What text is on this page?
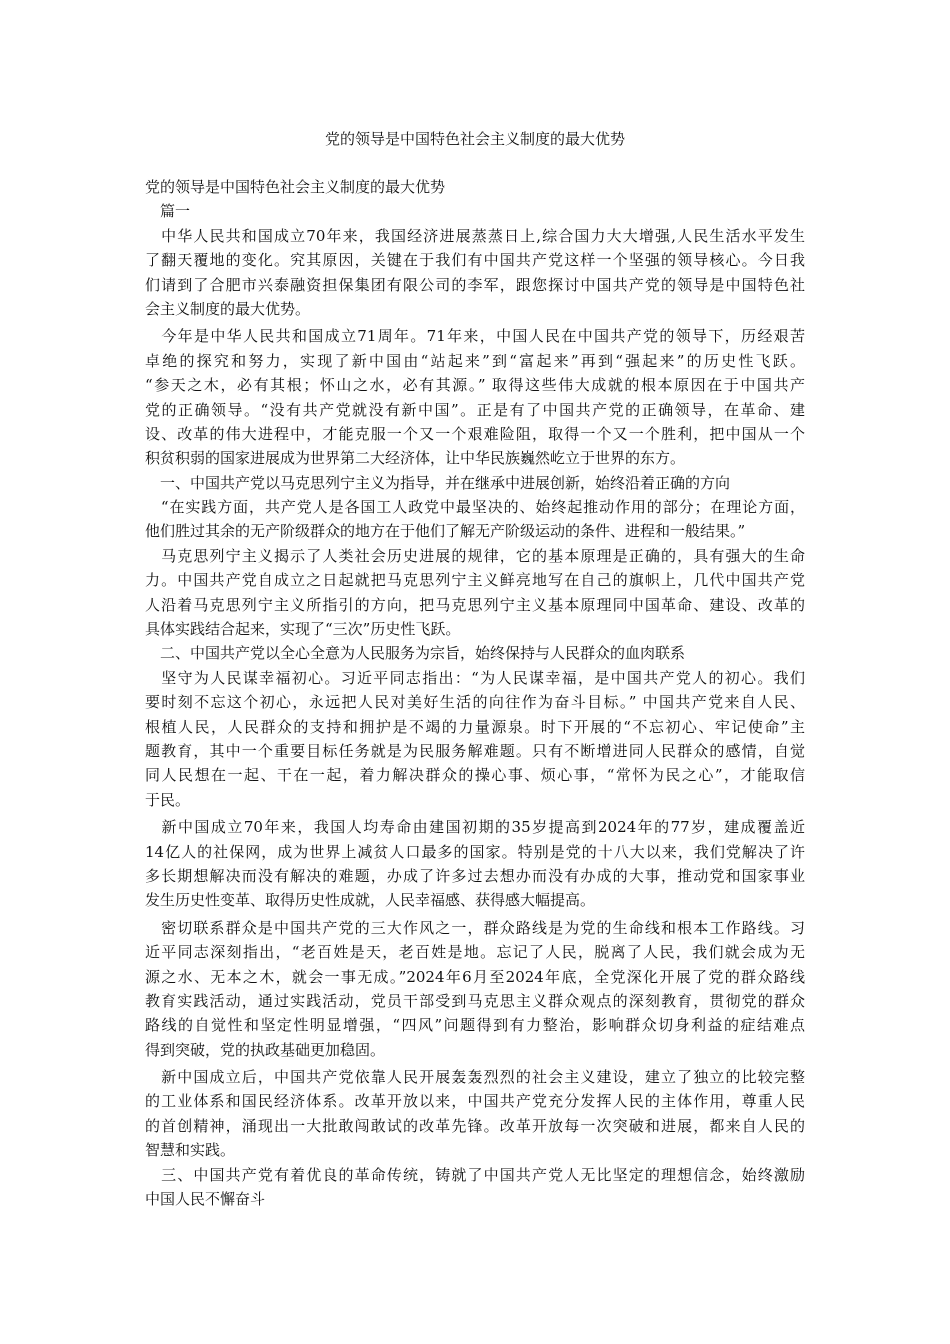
党的领导是中国特色社会主义制度的最大优势
党的领导是中国特色社会主义制度的最大优势
　篇一
　中华人民共和国成立70年来，我国经济进展蒸蒸日上,综合国力大大增强,人民生活水平发生
了翻天覆地的变化。究其原因，关键在于我们有中国共产党这样一个坚强的领导核心。今日我
们请到了合肥市兴泰融资担保集团有限公司的李军，跟您探讨中国共产党的领导是中国特色社
会主义制度的最大优势。
　今年是中华人民共和国成立71周年。71年来，中国人民在中国共产党的领导下，历经艰苦
卓绝的探究和努力，实现了新中国由“站起来”到“富起来”再到“强起来”的历史性飞跃。
“参天之木，必有其根；怀山之水，必有其源。” 取得这些伟大成就的根本原因在于中国共产
党的正确领导。“没有共产党就没有新中国”。正是有了中国共产党的正确领导，在革命、建
设、改革的伟大进程中，才能克服一个又一个艰难险阻，取得一个又一个胜利，把中国从一个
积贫积弱的国家进展成为世界第二大经济体，让中华民族巍然屹立于世界的东方。
　一、中国共产党以马克思列宁主义为指导，并在继承中进展创新，始终沿着正确的方向
　“在实践方面，共产党人是各国工人政党中最坚决的、始终起推动作用的部分；在理论方面，
他们胜过其余的无产阶级群众的地方在于他们了解无产阶级运动的条件、进程和一般结果。”
　马克思列宁主义揭示了人类社会历史进展的规律，它的基本原理是正确的，具有强大的生命
力。中国共产党自成立之日起就把马克思列宁主义鲜亮地写在自己的旗帜上，几代中国共产党
人沿着马克思列宁主义所指引的方向，把马克思列宁主义基本原理同中国革命、建设、改革的
具体实践结合起来，实现了“三次”历史性飞跃。
　二、中国共产党以全心全意为人民服务为宗旨，始终保持与人民群众的血肉联系
　坚守为人民谋幸福初心。习近平同志指出：“为人民谋幸福，是中国共产党人的初心。我们
要时刻不忘这个初心，永远把人民对美好生活的向往作为奋斗目标。” 中国共产党来自人民、
根植人民，人民群众的支持和拥护是不竭的力量源泉。时下开展的“不忘初心、牢记使命”主
题教育，其中一个重要目标任务就是为民服务解难题。只有不断增进同人民群众的感情，自觉
同人民想在一起、干在一起，着力解决群众的操心事、烦心事，“常怀为民之心”，才能取信
于民。
　新中国成立70年来，我国人均寿命由建国初期的35岁提高到2024年的77岁，建成覆盖近
14亿人的社保网，成为世界上减贫人口最多的国家。特别是党的十八大以来，我们党解决了许
多长期想解决而没有解决的难题，办成了许多过去想办而没有办成的大事，推动党和国家事业
发生历史性变革、取得历史性成就，人民幸福感、获得感大幅提高。
　密切联系群众是中国共产党的三大作风之一，群众路线是为党的生命线和根本工作路线。习
近平同志深刻指出，“老百姓是天，老百姓是地。忘记了人民，脱离了人民，我们就会成为无
源之水、无本之木，就会一事无成。”2024年6月至2024年底，全党深化开展了党的群众路线
教育实践活动，通过实践活动，党员干部受到马克思主义群众观点的深刻教育，贯彻党的群众
路线的自觉性和坚定性明显增强，“四风”问题得到有力整治，影响群众切身利益的症结难点
得到突破，党的执政基础更加稳固。
　新中国成立后，中国共产党依靠人民开展轰轰烈烈的社会主义建设，建立了独立的比较完整
的工业体系和国民经济体系。改革开放以来，中国共产党充分发挥人民的主体作用，尊重人民
的首创精神，涌现出一大批敢闯敢试的改革先锋。改革开放每一次突破和进展，都来自人民的
智慧和实践。
　三、中国共产党有着优良的革命传统，铸就了中国共产党人无比坚定的理想信念，始终激励
中国人民不懈奋斗
